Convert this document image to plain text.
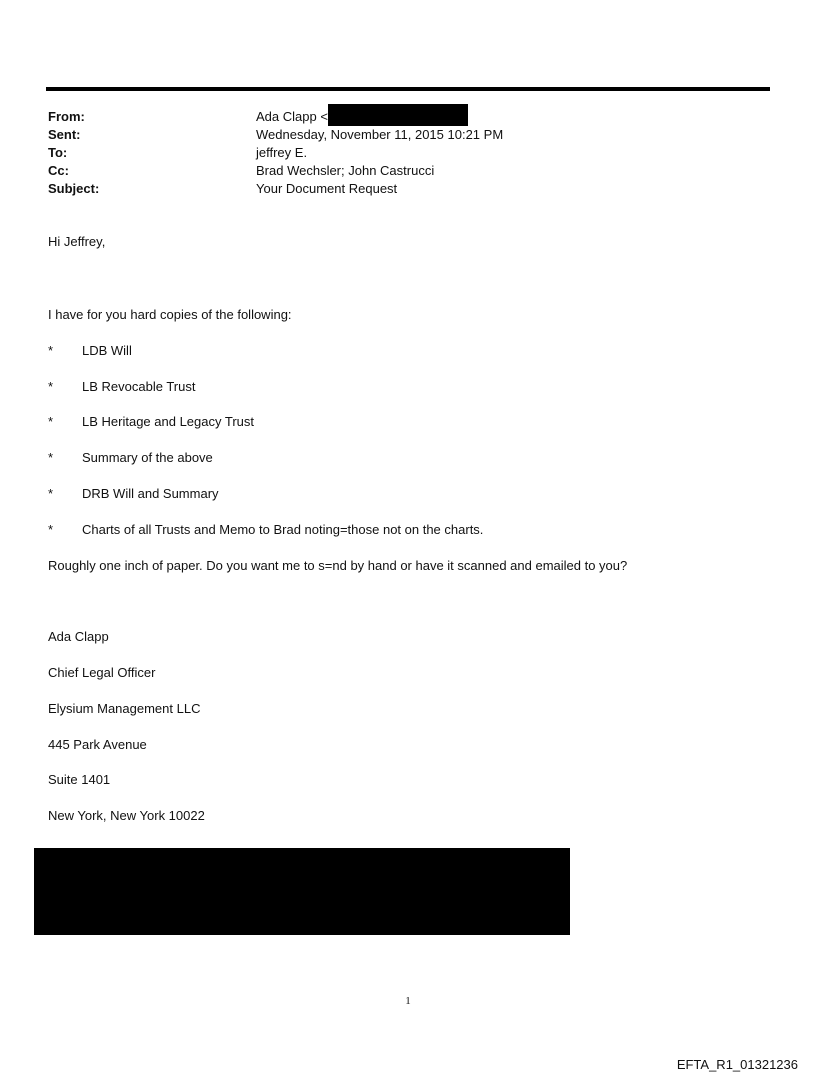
From:	Ada Clapp <
Sent:	Wednesday, November 11, 2015 10:21 PM
To:	jeffrey E.
Cc:	Brad Wechsler; John Castrucci
Subject:	Your Document Request
Hi Jeffrey,
I have for you hard copies of the following:
* LDB Will
* LB Revocable Trust
* LB Heritage and Legacy Trust
* Summary of the above
* DRB Will and Summary
* Charts of all Trusts and Memo to Brad noting=those not on the charts.
Roughly one inch of paper. Do you want me to s=nd by hand or have it scanned and emailed to you?
Ada Clapp
Chief Legal Officer
Elysium Management LLC
445 Park Avenue
Suite 1401
New York, New York 10022
1
EFTA_R1_01321236
